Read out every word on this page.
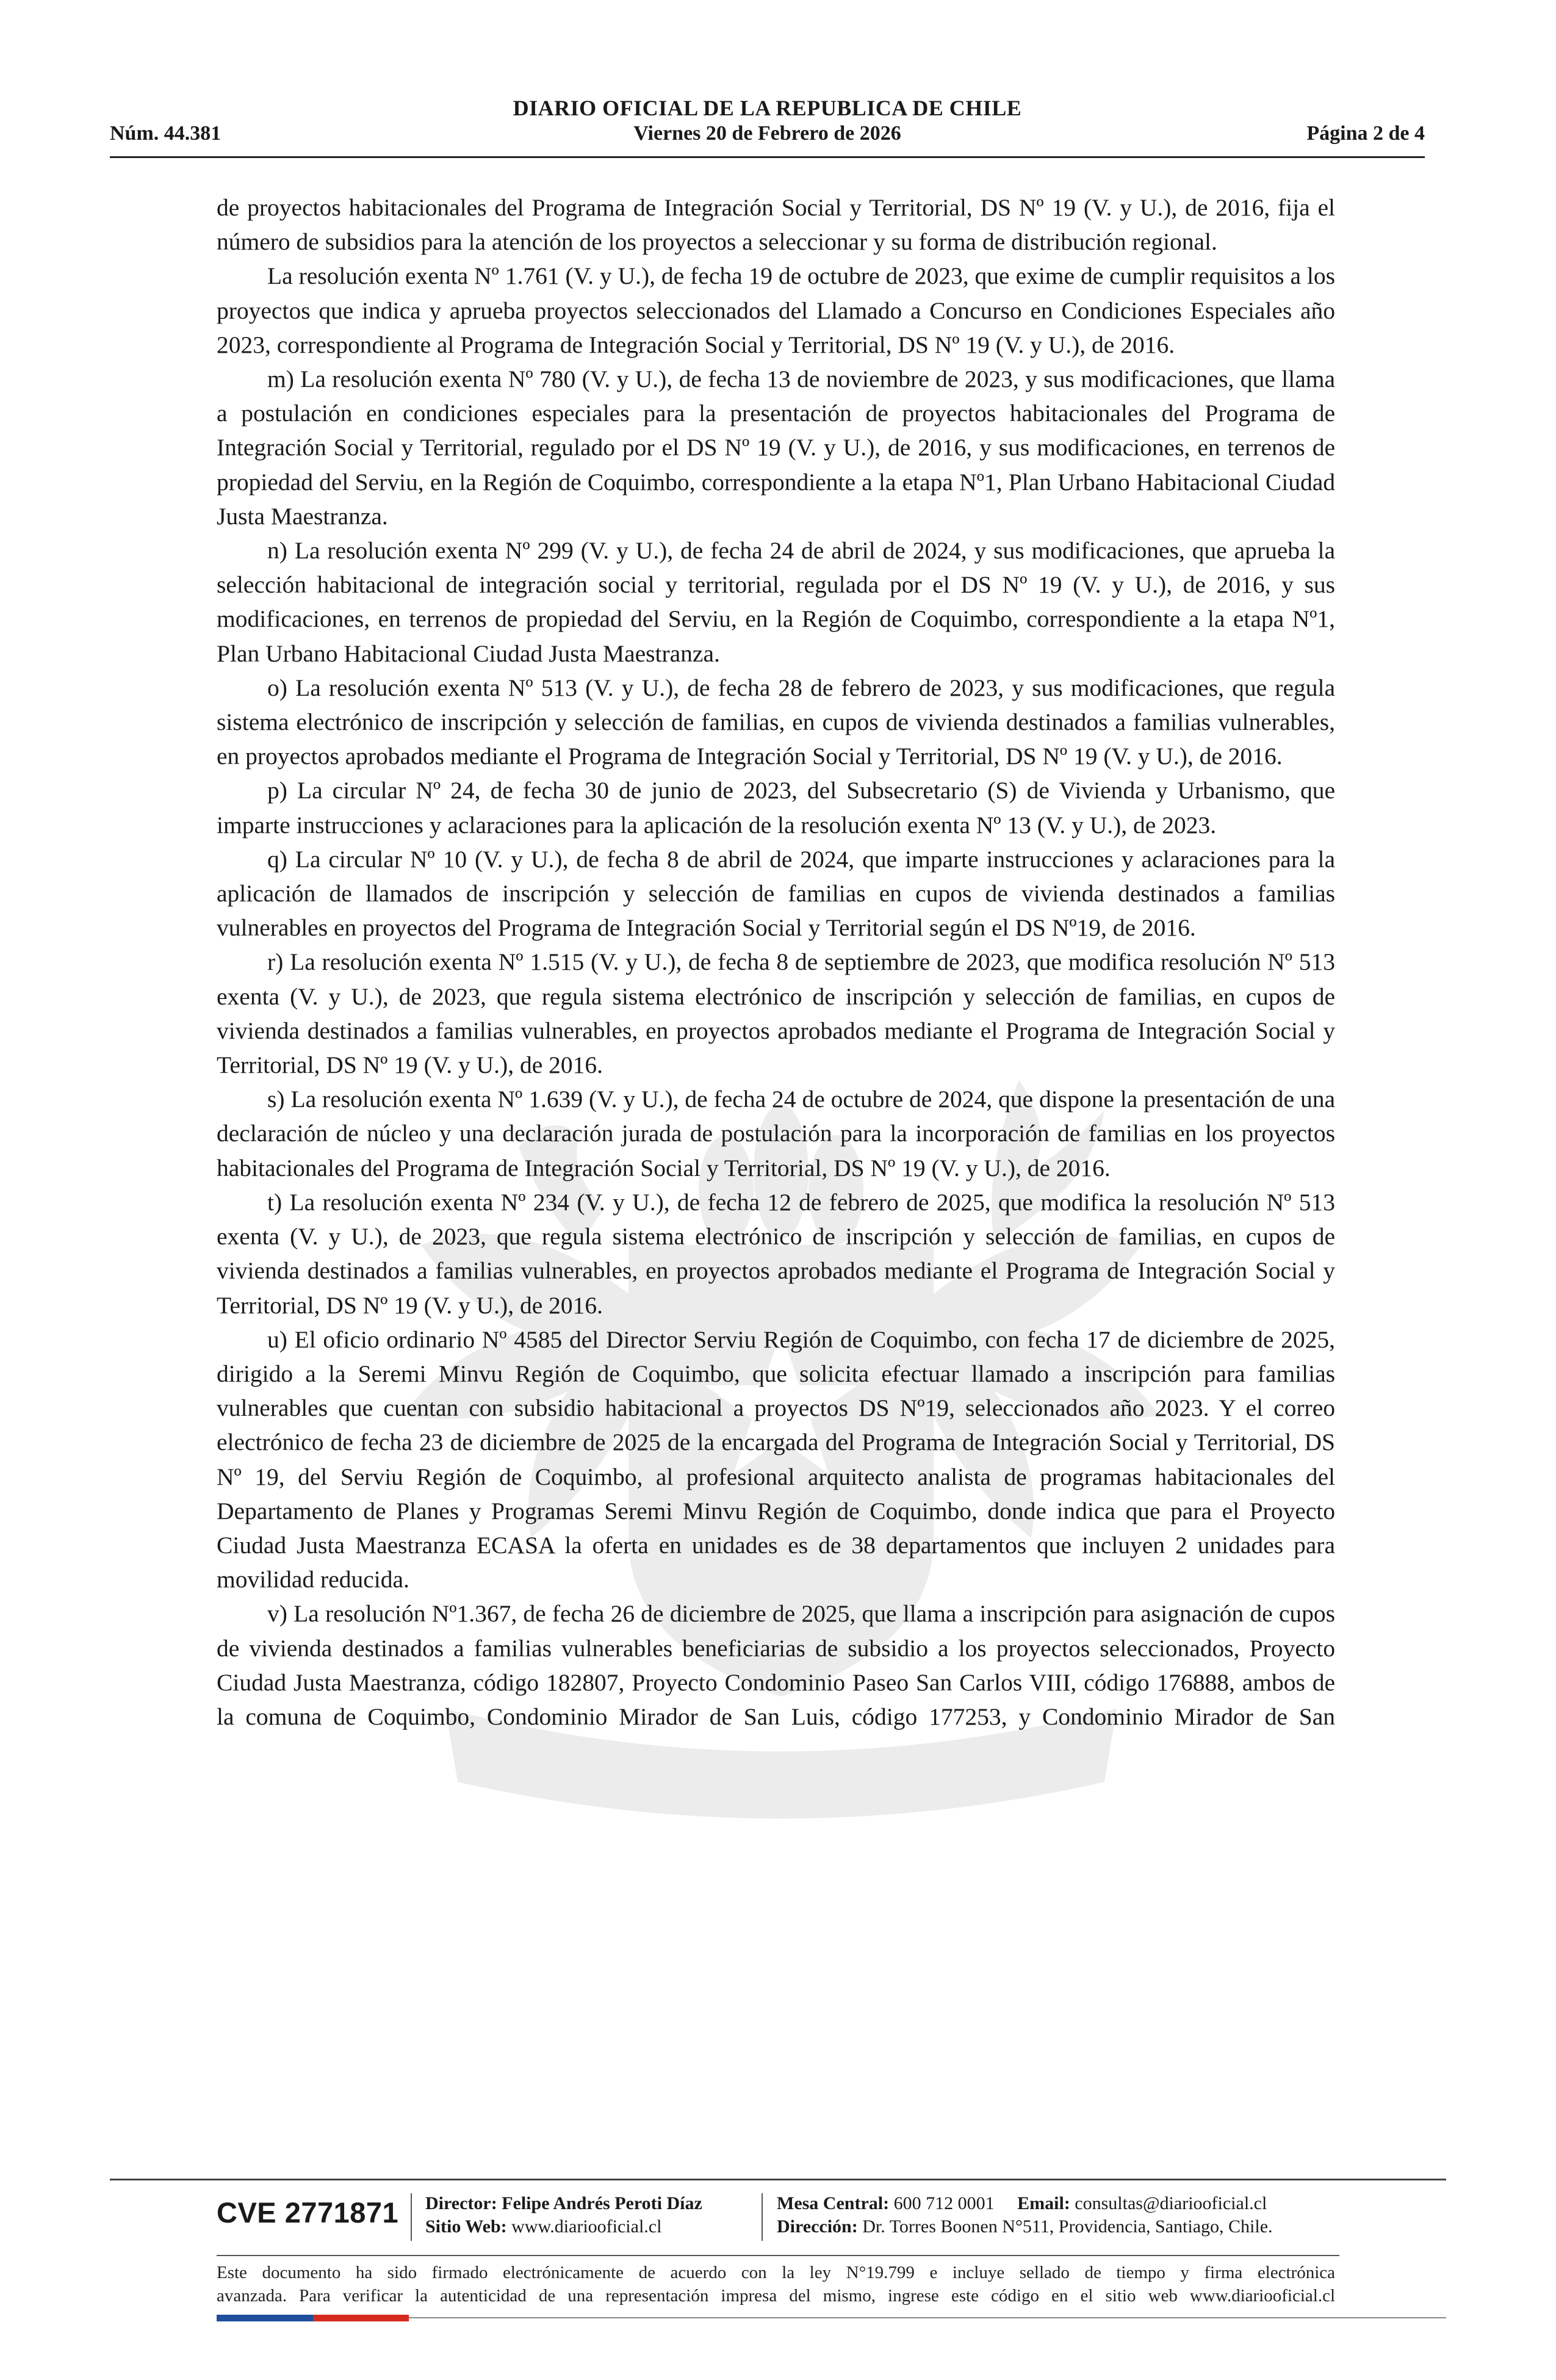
DIARIO OFICIAL DE LA REPUBLICA DE CHILE
Núm. 44.381	Viernes 20 de Febrero de 2026	Página 2 de 4

de proyectos habitacionales del Programa de Integración Social y Territorial, DS Nº 19 (V. y U.), de 2016, fija el número de subsidios para la atención de los proyectos a seleccionar y su forma de distribución regional.

La resolución exenta Nº 1.761 (V. y U.), de fecha 19 de octubre de 2023, que exime de cumplir requisitos a los proyectos que indica y aprueba proyectos seleccionados del Llamado a Concurso en Condiciones Especiales año 2023, correspondiente al Programa de Integración Social y Territorial, DS Nº 19 (V. y U.), de 2016.

m) La resolución exenta Nº 780 (V. y U.), de fecha 13 de noviembre de 2023, y sus modificaciones, que llama a postulación en condiciones especiales para la presentación de proyectos habitacionales del Programa de Integración Social y Territorial, regulado por el DS Nº 19 (V. y U.), de 2016, y sus modificaciones, en terrenos de propiedad del Serviu, en la Región de Coquimbo, correspondiente a la etapa Nº1, Plan Urbano Habitacional Ciudad Justa Maestranza.

n) La resolución exenta Nº 299 (V. y U.), de fecha 24 de abril de 2024, y sus modificaciones, que aprueba la selección habitacional de integración social y territorial, regulada por el DS Nº 19 (V. y U.), de 2016, y sus modificaciones, en terrenos de propiedad del Serviu, en la Región de Coquimbo, correspondiente a la etapa Nº1, Plan Urbano Habitacional Ciudad Justa Maestranza.

o) La resolución exenta Nº 513 (V. y U.), de fecha 28 de febrero de 2023, y sus modificaciones, que regula sistema electrónico de inscripción y selección de familias, en cupos de vivienda destinados a familias vulnerables, en proyectos aprobados mediante el Programa de Integración Social y Territorial, DS Nº 19 (V. y U.), de 2016.

p) La circular Nº 24, de fecha 30 de junio de 2023, del Subsecretario (S) de Vivienda y Urbanismo, que imparte instrucciones y aclaraciones para la aplicación de la resolución exenta Nº 13 (V. y U.), de 2023.

q) La circular Nº 10 (V. y U.), de fecha 8 de abril de 2024, que imparte instrucciones y aclaraciones para la aplicación de llamados de inscripción y selección de familias en cupos de vivienda destinados a familias vulnerables en proyectos del Programa de Integración Social y Territorial según el DS Nº19, de 2016.

r) La resolución exenta Nº 1.515 (V. y U.), de fecha 8 de septiembre de 2023, que modifica resolución Nº 513 exenta (V. y U.), de 2023, que regula sistema electrónico de inscripción y selección de familias, en cupos de vivienda destinados a familias vulnerables, en proyectos aprobados mediante el Programa de Integración Social y Territorial, DS Nº 19 (V. y U.), de 2016.

s) La resolución exenta Nº 1.639 (V. y U.), de fecha 24 de octubre de 2024, que dispone la presentación de una declaración de núcleo y una declaración jurada de postulación para la incorporación de familias en los proyectos habitacionales del Programa de Integración Social y Territorial, DS Nº 19 (V. y U.), de 2016.

t) La resolución exenta Nº 234 (V. y U.), de fecha 12 de febrero de 2025, que modifica la resolución Nº 513 exenta (V. y U.), de 2023, que regula sistema electrónico de inscripción y selección de familias, en cupos de vivienda destinados a familias vulnerables, en proyectos aprobados mediante el Programa de Integración Social y Territorial, DS Nº 19 (V. y U.), de 2016.

u) El oficio ordinario Nº 4585 del Director Serviu Región de Coquimbo, con fecha 17 de diciembre de 2025, dirigido a la Seremi Minvu Región de Coquimbo, que solicita efectuar llamado a inscripción para familias vulnerables que cuentan con subsidio habitacional a proyectos DS Nº19, seleccionados año 2023. Y el correo electrónico de fecha 23 de diciembre de 2025 de la encargada del Programa de Integración Social y Territorial, DS Nº 19, del Serviu Región de Coquimbo, al profesional arquitecto analista de programas habitacionales del Departamento de Planes y Programas Seremi Minvu Región de Coquimbo, donde indica que para el Proyecto Ciudad Justa Maestranza ECASA la oferta en unidades es de 38 departamentos que incluyen 2 unidades para movilidad reducida.

v) La resolución Nº1.367, de fecha 26 de diciembre de 2025, que llama a inscripción para asignación de cupos de vivienda destinados a familias vulnerables beneficiarias de subsidio a los proyectos seleccionados, Proyecto Ciudad Justa Maestranza, código 182807, Proyecto Condominio Paseo San Carlos VIII, código 176888, ambos de la comuna de Coquimbo, Condominio Mirador de San Luis, código 177253, y Condominio Mirador de San

CVE 2771871 Director: Felipe Andrés Peroti Díaz
Sitio Web: www.diariooficial.cl
Mesa Central: 600 712 0001 Email: consultas@diariooficial.cl
Dirección: Dr. Torres Boonen N°511, Providencia, Santiago, Chile.
Este documento ha sido firmado electrónicamente de acuerdo con la ley N°19.799 e incluye sellado de tiempo y firma electrónica
avanzada. Para verificar la autenticidad de una representación impresa del mismo, ingrese este código en el sitio web www.diariooficial.cl
